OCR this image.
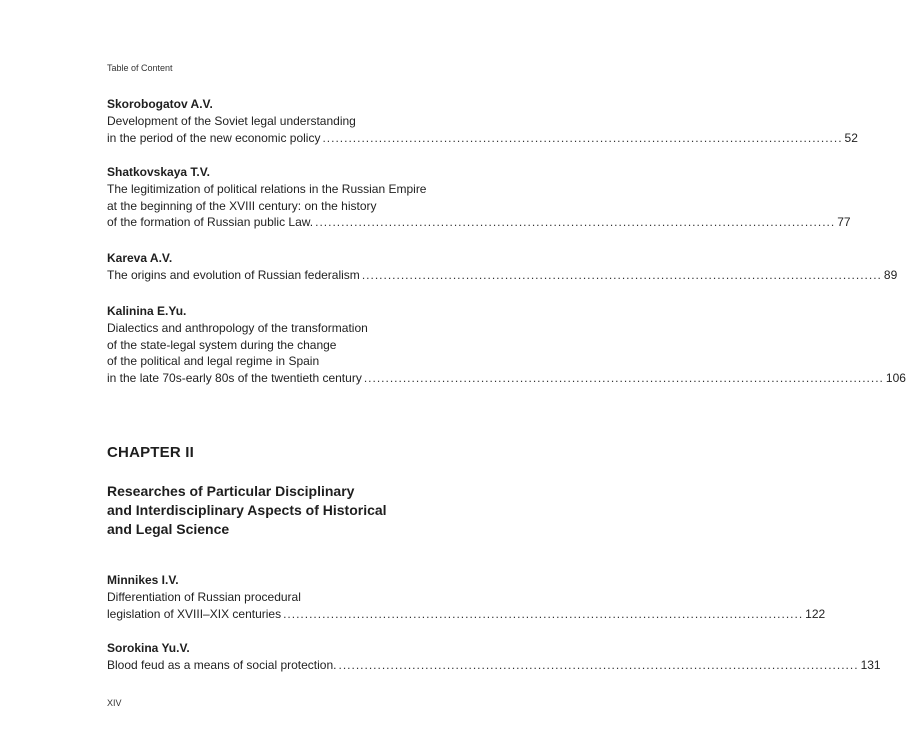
Table of Content
Skorobogatov A.V.
Development of the Soviet legal understanding
in the period of the new economic policy ........................................................................................................................ 52
Shatkovskaya T.V.
The legitimization of political relations in the Russian Empire
at the beginning of the XVIII century: on the history
of the formation of Russian public Law. ........................................................................................................................ 77
Kareva A.V.
The origins and evolution of Russian federalism ........................................................................................................................ 89
Kalinina E.Yu.
Dialectics and anthropology of the transformation
of the state-legal system during the change
of the political and legal regime in Spain
in the late 70s-early 80s of the twentieth century ........................................................................................................................ 106
CHAPTER II
Researches of Particular Disciplinary
and Interdisciplinary Aspects of Historical
and Legal Science
Minnikes I.V.
Differentiation of Russian procedural
legislation of XVIII–XIX centuries ........................................................................................................................ 122
Sorokina Yu.V.
Blood feud as a means of social protection. ........................................................................................................................ 131
XIV
